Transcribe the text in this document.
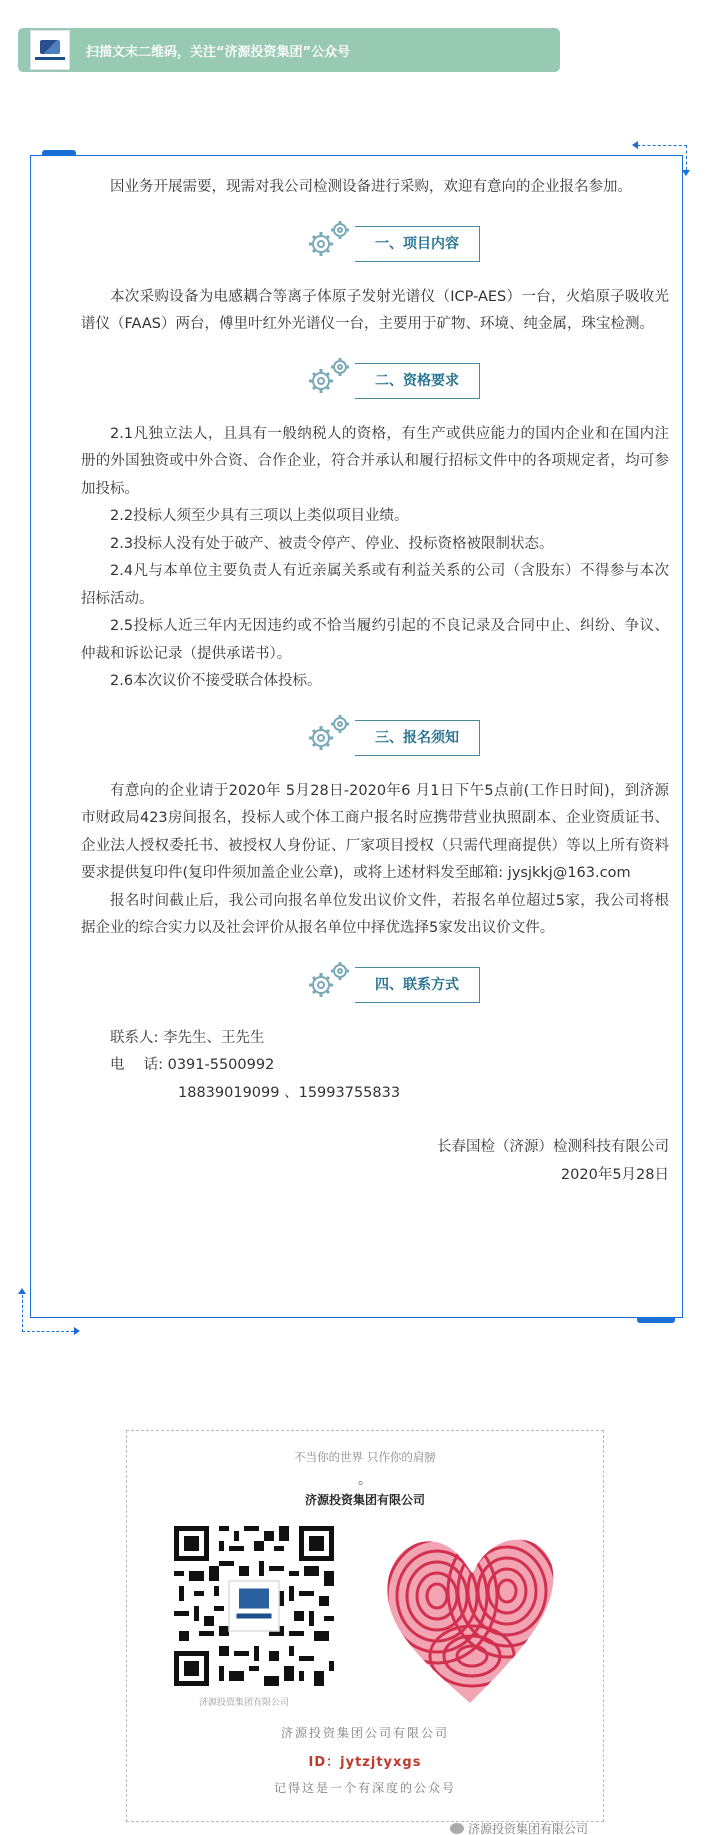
扫描文末二维码，关注“济源投资集团”公众号

因业务开展需要，现需对我公司检测设备进行采购，欢迎有意向的企业报名参加。

一、项目内容

本次采购设备为电感耦合等离子体原子发射光谱仪（ICP-AES）一台，火焰原子吸收光谱仪（FAAS）两台，傅里叶红外光谱仪一台，主要用于矿物、环境、纯金属，珠宝检测。

二、资格要求

2.1凡独立法人，且具有一般纳税人的资格，有生产或供应能力的国内企业和在国内注册的外国独资或中外合资、合作企业，符合并承认和履行招标文件中的各项规定者，均可参加投标。

2.2投标人须至少具有三项以上类似项目业绩。

2.3投标人没有处于破产、被责令停产、停业、投标资格被限制状态。

2.4凡与本单位主要负责人有近亲属关系或有利益关系的公司（含股东）不得参与本次招标活动。

2.5投标人近三年内无因违约或不恰当履约引起的不良记录及合同中止、纠纷、争议、仲裁和诉讼记录（提供承诺书）。

2.6本次议价不接受联合体投标。

三、报名须知

有意向的企业请于2020年 5月28日-2020年6 月1日下午5点前(工作日时间)，到济源市财政局423房间报名，投标人或个体工商户报名时应携带营业执照副本、企业资质证书、企业法人授权委托书、被授权人身份证、厂家项目授权（只需代理商提供）等以上所有资料要求提供复印件(复印件须加盖企业公章)，或将上述材料发至邮箱: jysjkkj@163.com

报名时间截止后，我公司向报名单位发出议价文件，若报名单位超过5家，我公司将根据企业的综合实力以及社会评价从报名单位中择优选择5家发出议价文件。

四、联系方式
联系人: 李先生、王先生
电　 话: 0391-5500992
18839019099 、15993755833
长春国检（济源）检测科技有限公司
2020年5月28日
不当你的世界 只作你的肩膀
。
济源投资集团有限公司
济源投资集团有限公司
济源投资集团公司有限公司
ID：jytzjtyxgs
记得这是一个有深度的公众号
济源投资集团有限公司
